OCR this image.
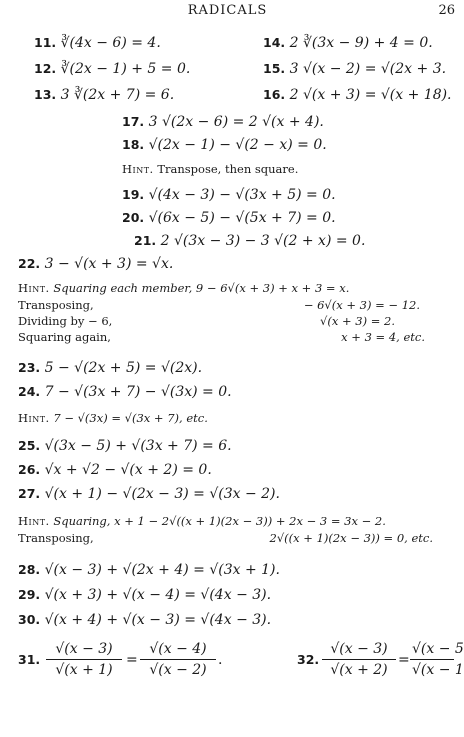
RADICALS	26
11. ∛(4x − 6) = 4.	14. 2 ∛(3x − 9) + 4 = 0.
12. ∛(2x − 1) + 5 = 0.	15. 3 √(x − 2) = √(2x + 3.
13. 3 ∛(2x + 7) = 6.	16. 2 √(x + 3) = √(x + 18).
17. 3 √(2x − 6) = 2 √(x + 4).
18. √(2x − 1) − √(2 − x) = 0.
Hint. Transpose, then square.
19. √(4x − 3) − √(3x + 5) = 0.
20. √(6x − 5) − √(5x + 7) = 0.
21. 2 √(3x − 3) − 3 √(2 + x) = 0.
22. 3 − √(x + 3) = √x.
Hint. Squaring each member, 9 − 6√(x + 3) + x + 3 = x.
Transposing,	− 6√(x + 3) = − 12.
Dividing by − 6,	√(x + 3) = 2.
Squaring again,	x + 3 = 4, etc.
23. 5 − √(2x + 5) = √(2x).
24. 7 − √(3x + 7) − √(3x) = 0.
Hint. 7 − √(3x) = √(3x + 7), etc.
25. √(3x − 5) + √(3x + 7) = 6.
26. √x + √2 − √(x + 2) = 0.
27. √(x + 1) − √(2x − 3) = √(3x − 2).
Hint. Squaring, x + 1 − 2√((x + 1)(2x − 3)) + 2x − 3 = 3x − 2.
Transposing,	2√((x + 1)(2x − 3)) = 0, etc.
28. √(x − 3) + √(2x + 4) = √(3x + 1).
29. √(x + 3) + √(x − 4) = √(4x − 3).
30. √(x + 4) + √(x − 3) = √(4x − 3).
31. $\frac{√(x - 3)}{√(x + 1)} = \frac{√(x - 4)}{√(x - 2)}$ .	32. $\frac{√(x - 3)}{√(x + 2)} = \frac{√(x - 5}{√(x - 1}$
